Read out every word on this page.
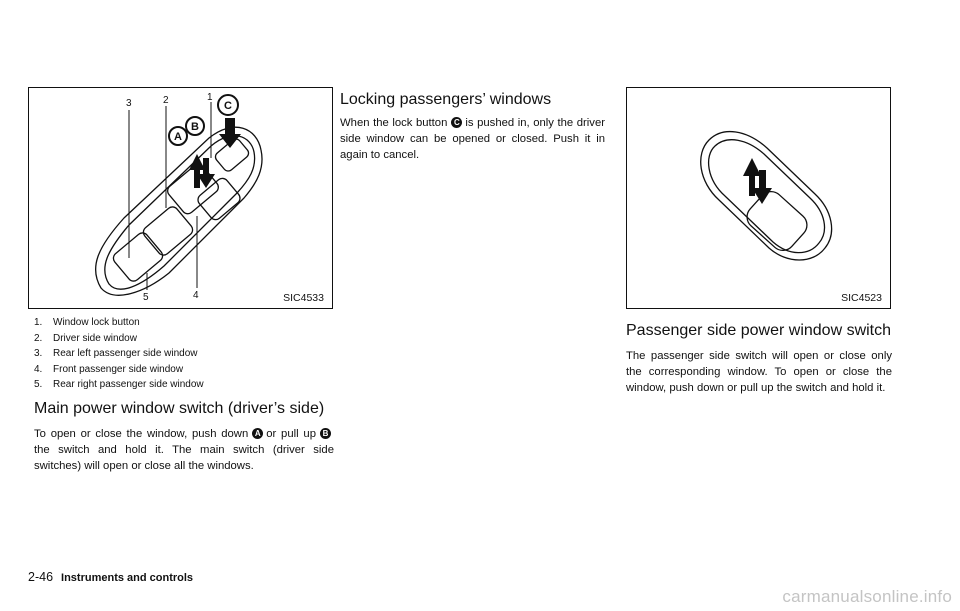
3	2	1
5	4
A
B
C
SIC4533
1.	Window lock button
2.	Driver side window
3.	Rear left passenger side window
4.	Front passenger side window
5.	Rear right passenger side window
Main power window switch (driver’s side)

To open or close the window, push down A or pull up Bthe switch and hold it. The main switch (driver side switches) will open or close all the windows.

Locking passengers’ windows

When the lock button C is pushed in, only the driver side window can be opened or closed. Push it in again to cancel.

SIC4523
Passenger side power window switch

The passenger side switch will open or close only the corresponding window. To open or close the window, push down or pull up the switch and hold it.

2-46 Instruments and controls
carmanualsonline.info
